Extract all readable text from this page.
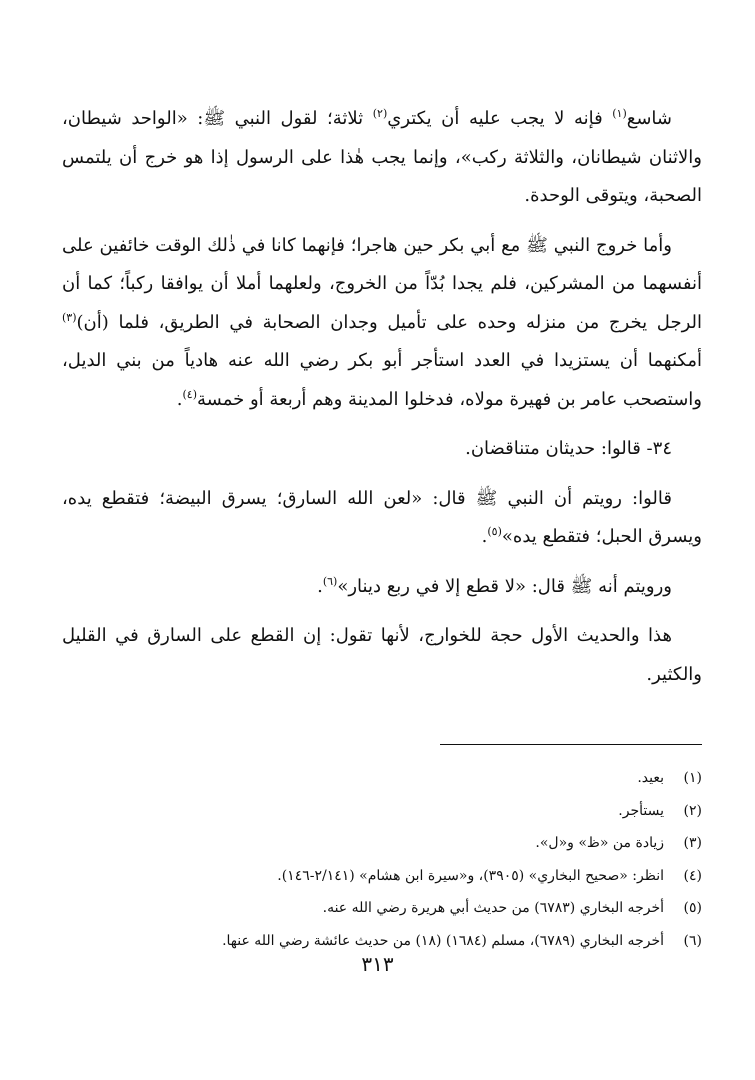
شاسع$^{(١)}$ فإنه لا يجب عليه أن يكتري$^{(٢)}$ ثلاثة؛ لقول النبي ﷺ: «الواحد شيطان، والاثنان شيطانان، والثلاثة ركب»، وإنما يجب هٰذا على الرسول إذا هو خرج أن يلتمس الصحبة، ويتوقى الوحدة.

وأما خروج النبي ﷺ مع أبي بكر حين هاجرا؛ فإنهما كانا في ذٰلك الوقت خائفين على أنفسهما من المشركين، فلم يجدا بُدّاً من الخروج، ولعلهما أملا أن يوافقا ركباً؛ كما أن الرجل يخرج من منزله وحده على تأميل وجدان الصحابة في الطريق، فلما (أن)$^{(٣)}$ أمكنهما أن يستزيدا في العدد استأجر أبو بكر رضي الله عنه هادياً من بني الديل، واستصحب عامر بن فهيرة مولاه، فدخلوا المدينة وهم أربعة أو خمسة$^{(٤)}$.

٣٤- قالوا: حديثان متناقضان.

قالوا: رويتم أن النبي ﷺ قال: «لعن الله السارق؛ يسرق البيضة؛ فتقطع يده، ويسرق الحبل؛ فتقطع يده»$^{(٥)}$.

ورويتم أنه ﷺ قال: «لا قطع إلا في ربع دينار»$^{(٦)}$.

هذا والحديث الأول حجة للخوارج، لأنها تقول: إن القطع على السارق في القليل والكثير.

(١)بعيد.
(٢)يستأجر.
(٣)زيادة من «ظ» و«ل».
(٤)انظر: «صحيح البخاري» (٣٩٠٥)، و«سيرة ابن هشام» (٢/١٤١-١٤٦).
(٥)أخرجه البخاري (٦٧٨٣) من حديث أبي هريرة رضي الله عنه.
(٦)أخرجه البخاري (٦٧٨٩)، مسلم (١٦٨٤) (١٨) من حديث عائشة رضي الله عنها.
٣١٣
